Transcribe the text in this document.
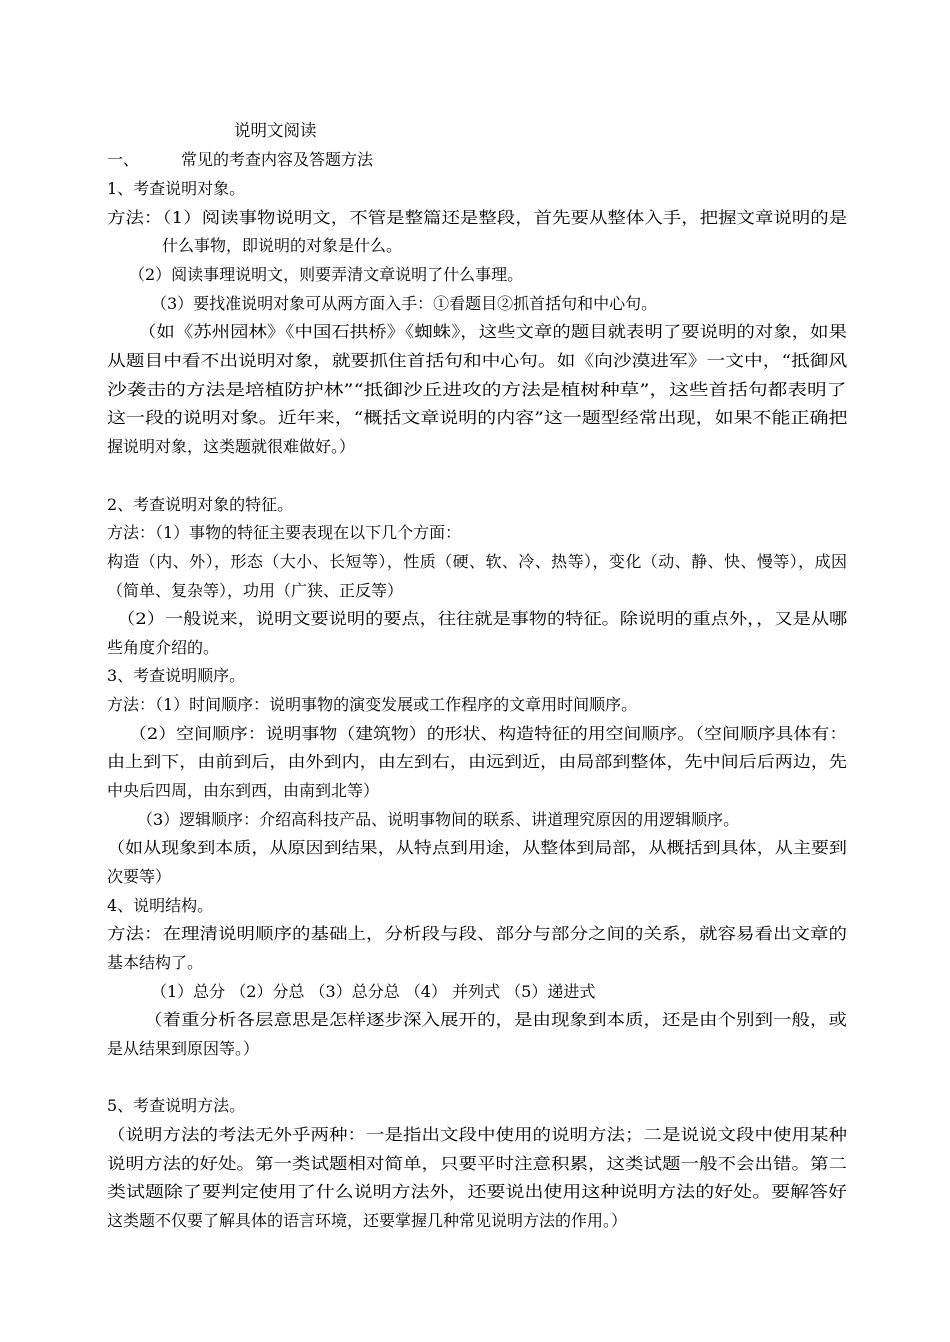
说明文阅读
一、	常见的考查内容及答题方法
1、考查说明对象。
方法：（1）阅读事物说明文，不管是整篇还是整段，首先要从整体入手，把握文章说明的是
什么事物，即说明的对象是什么。
（2）阅读事理说明文，则要弄清文章说明了什么事理。
（3）要找准说明对象可从两方面入手：①看题目②抓首括句和中心句。
（如《苏州园林》《中国石拱桥》《蜘蛛》，这些文章的题目就表明了要说明的对象，如果
从题目中看不出说明对象，就要抓住首括句和中心句。如《向沙漠进军》一文中，“抵御风
沙袭击的方法是培植防护林”“抵御沙丘进攻的方法是植树种草”，这些首括句都表明了
这一段的说明对象。近年来，“概括文章说明的内容”这一题型经常出现，如果不能正确把
握说明对象，这类题就很难做好。）
2、考查说明对象的特征。
方法：（1）事物的特征主要表现在以下几个方面：
构造（内、外），形态（大小、长短等），性质（硬、软、冷、热等），变化（动、静、快、慢等），成因
（简单、复杂等），功用（广狭、正反等）
（2）一般说来，说明文要说明的要点，往往就是事物的特征。除说明的重点外，，又是从哪
些角度介绍的。
3、考查说明顺序。
方法：（1）时间顺序：说明事物的演变发展或工作程序的文章用时间顺序。
（2）空间顺序：说明事物（建筑物）的形状、构造特征的用空间顺序。（空间顺序具体有：
由上到下，由前到后，由外到内，由左到右，由远到近，由局部到整体，先中间后后两边，先
中央后四周，由东到西，由南到北等）
（3）逻辑顺序：介绍高科技产品、说明事物间的联系、讲道理究原因的用逻辑顺序。
（如从现象到本质，从原因到结果，从特点到用途，从整体到局部，从概括到具体，从主要到
次要等）
4、说明结构。
方法：在理清说明顺序的基础上，分析段与段、部分与部分之间的关系，就容易看出文章的
基本结构了。
（1）总分 （2）分总 （3）总分总 （4） 并列式 （5）递进式
（着重分析各层意思是怎样逐步深入展开的，是由现象到本质，还是由个别到一般，或
是从结果到原因等。）
5、考查说明方法。
（说明方法的考法无外乎两种：一是指出文段中使用的说明方法；二是说说文段中使用某种
说明方法的好处。第一类试题相对简单，只要平时注意积累，这类试题一般不会出错。第二
类试题除了要判定使用了什么说明方法外，还要说出使用这种说明方法的好处。要解答好
这类题不仅要了解具体的语言环境，还要掌握几种常见说明方法的作用。）
